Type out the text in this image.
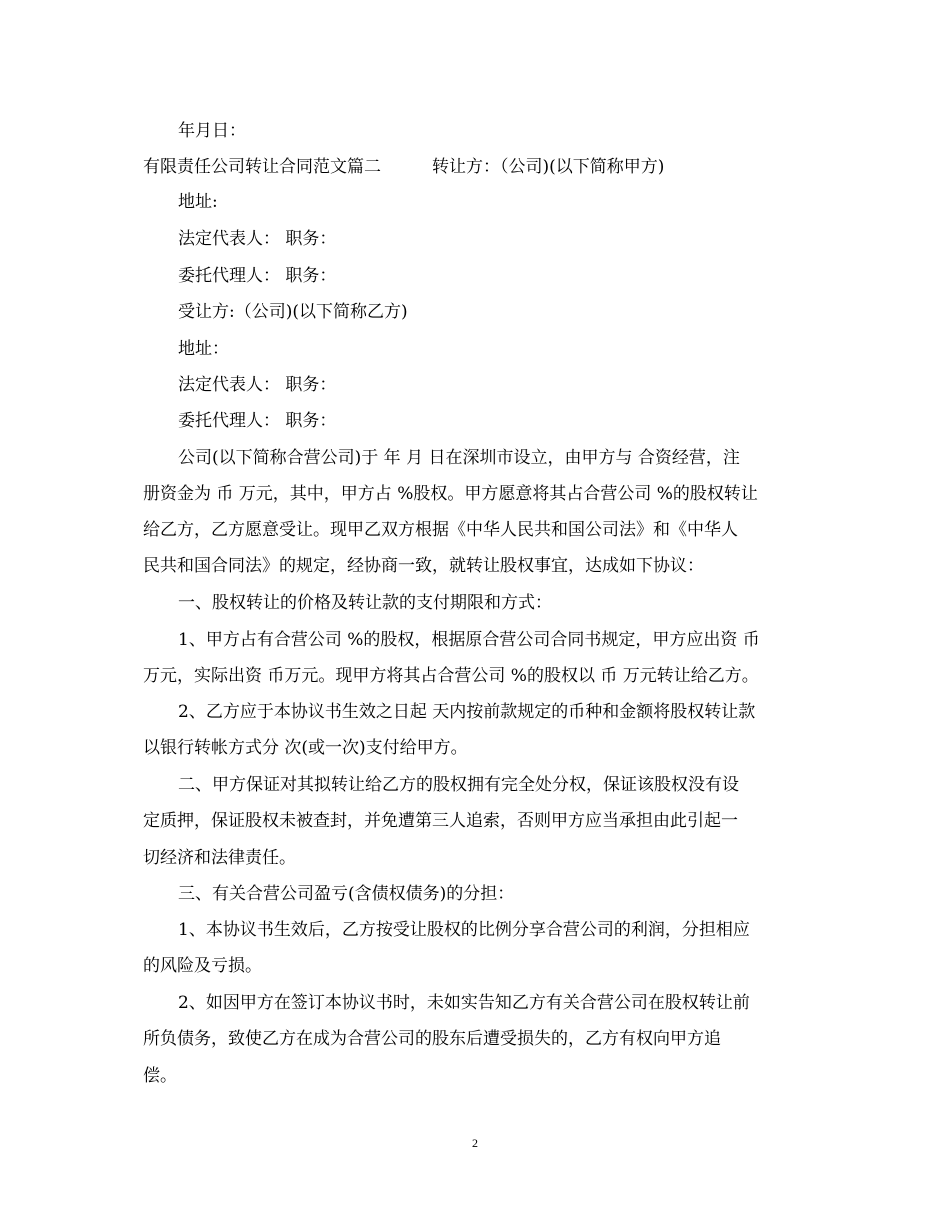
年月日：
有限责任公司转让合同范文篇二　　　转让方：（公司)(以下简称甲方)
地址:
法定代表人： 职务：
委托代理人： 职务：
受让方:（公司)(以下简称乙方)
地址：
法定代表人： 职务：
委托代理人： 职务：
公司(以下简称合营公司)于 年 月 日在深圳市设立，由甲方与 合资经营，注
册资金为 币 万元，其中，甲方占 %股权。甲方愿意将其占合营公司 %的股权转让
给乙方，乙方愿意受让。现甲乙双方根据《中华人民共和国公司法》和《中华人
民共和国合同法》的规定，经协商一致，就转让股权事宜，达成如下协议：
一、股权转让的价格及转让款的支付期限和方式：
1、甲方占有合营公司 %的股权，根据原合营公司合同书规定，甲方应出资 币
万元，实际出资 币万元。现甲方将其占合营公司 %的股权以 币 万元转让给乙方。
2、乙方应于本协议书生效之日起 天内按前款规定的币种和金额将股权转让款
以银行转帐方式分 次(或一次)支付给甲方。
二、甲方保证对其拟转让给乙方的股权拥有完全处分权，保证该股权没有设
定质押，保证股权未被查封，并免遭第三人追索，否则甲方应当承担由此引起一
切经济和法律责任。
三、有关合营公司盈亏(含债权债务)的分担：
1、本协议书生效后，乙方按受让股权的比例分享合营公司的利润，分担相应
的风险及亏损。
2、如因甲方在签订本协议书时，未如实告知乙方有关合营公司在股权转让前
所负债务，致使乙方在成为合营公司的股东后遭受损失的，乙方有权向甲方追
偿。
2
